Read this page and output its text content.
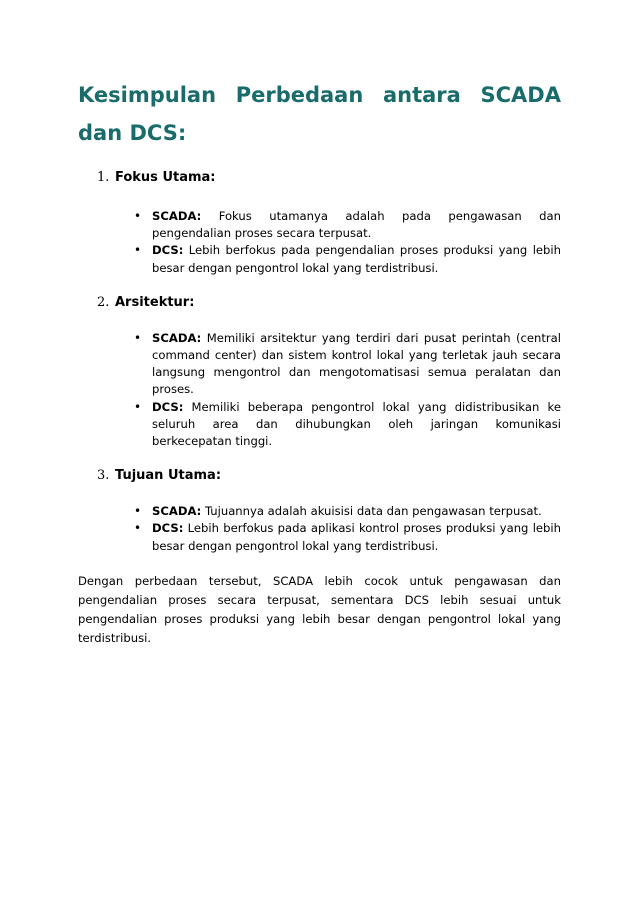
Kesimpulan Perbedaan antara SCADA
dan DCS:
1. Fokus Utama:
• SCADA: Fokus utamanya adalah pada pengawasan dan pengendalian proses secara terpusat.
• DCS: Lebih berfokus pada pengendalian proses produksi yang lebih besar dengan pengontrol lokal yang terdistribusi.
2. Arsitektur:
• SCADA: Memiliki arsitektur yang terdiri dari pusat perintah (central command center) dan sistem kontrol lokal yang terletak jauh secara langsung mengontrol dan mengotomatisasi semua peralatan dan proses.
• DCS: Memiliki beberapa pengontrol lokal yang didistribusikan ke seluruh area dan dihubungkan oleh jaringan komunikasi berkecepatan tinggi.
3. Tujuan Utama:
• SCADA: Tujuannya adalah akuisisi data dan pengawasan terpusat.
• DCS: Lebih berfokus pada aplikasi kontrol proses produksi yang lebih besar dengan pengontrol lokal yang terdistribusi.

Dengan perbedaan tersebut, SCADA lebih cocok untuk pengawasan dan pengendalian proses secara terpusat, sementara DCS lebih sesuai untuk pengendalian proses produksi yang lebih besar dengan pengontrol lokal yang terdistribusi.
